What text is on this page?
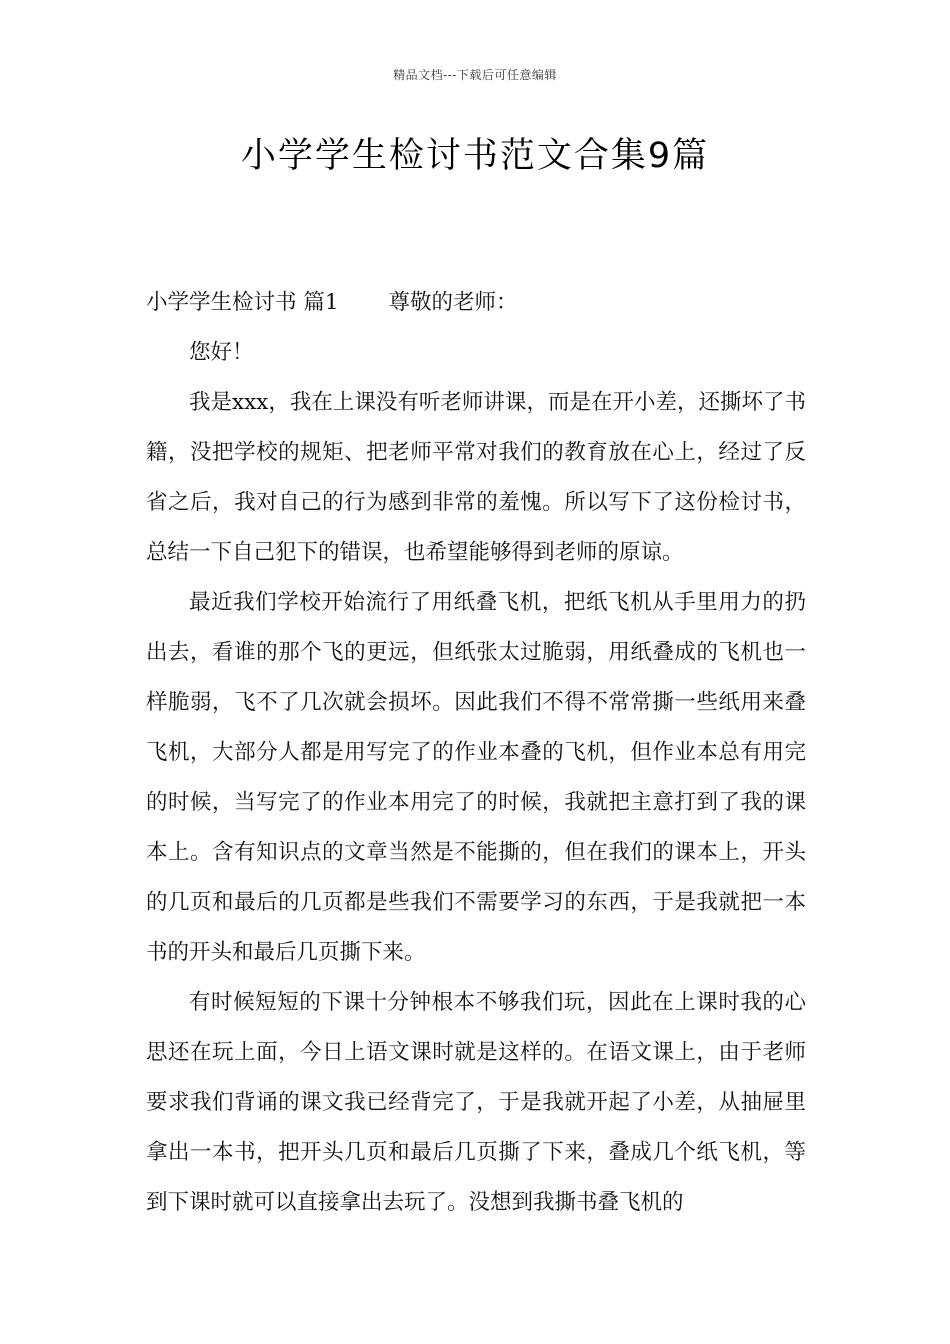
精品文档---下载后可任意编辑
小学学生检讨书范文合集9篇

小学学生检讨书 篇1 尊敬的老师：

您好！

我是xxx，我在上课没有听老师讲课，而是在开小差，还撕坏了书籍，没把学校的规矩、把老师平常对我们的教育放在心上，经过了反省之后，我对自己的行为感到非常的羞愧。所以写下了这份检讨书，总结一下自己犯下的错误，也希望能够得到老师的原谅。

最近我们学校开始流行了用纸叠飞机，把纸飞机从手里用力的扔出去，看谁的那个飞的更远，但纸张太过脆弱，用纸叠成的飞机也一样脆弱，飞不了几次就会损坏。因此我们不得不常常撕一些纸用来叠飞机，大部分人都是用写完了的作业本叠的飞机，但作业本总有用完的时候，当写完了的作业本用完了的时候，我就把主意打到了我的课本上。含有知识点的文章当然是不能撕的，但在我们的课本上，开头的几页和最后的几页都是些我们不需要学习的东西，于是我就把一本书的开头和最后几页撕下来。

有时候短短的下课十分钟根本不够我们玩，因此在上课时我的心思还在玩上面，今日上语文课时就是这样的。在语文课上，由于老师要求我们背诵的课文我已经背完了，于是我就开起了小差，从抽屉里拿出一本书，把开头几页和最后几页撕了下来，叠成几个纸飞机，等到下课时就可以直接拿出去玩了。没想到我撕书叠飞机的
